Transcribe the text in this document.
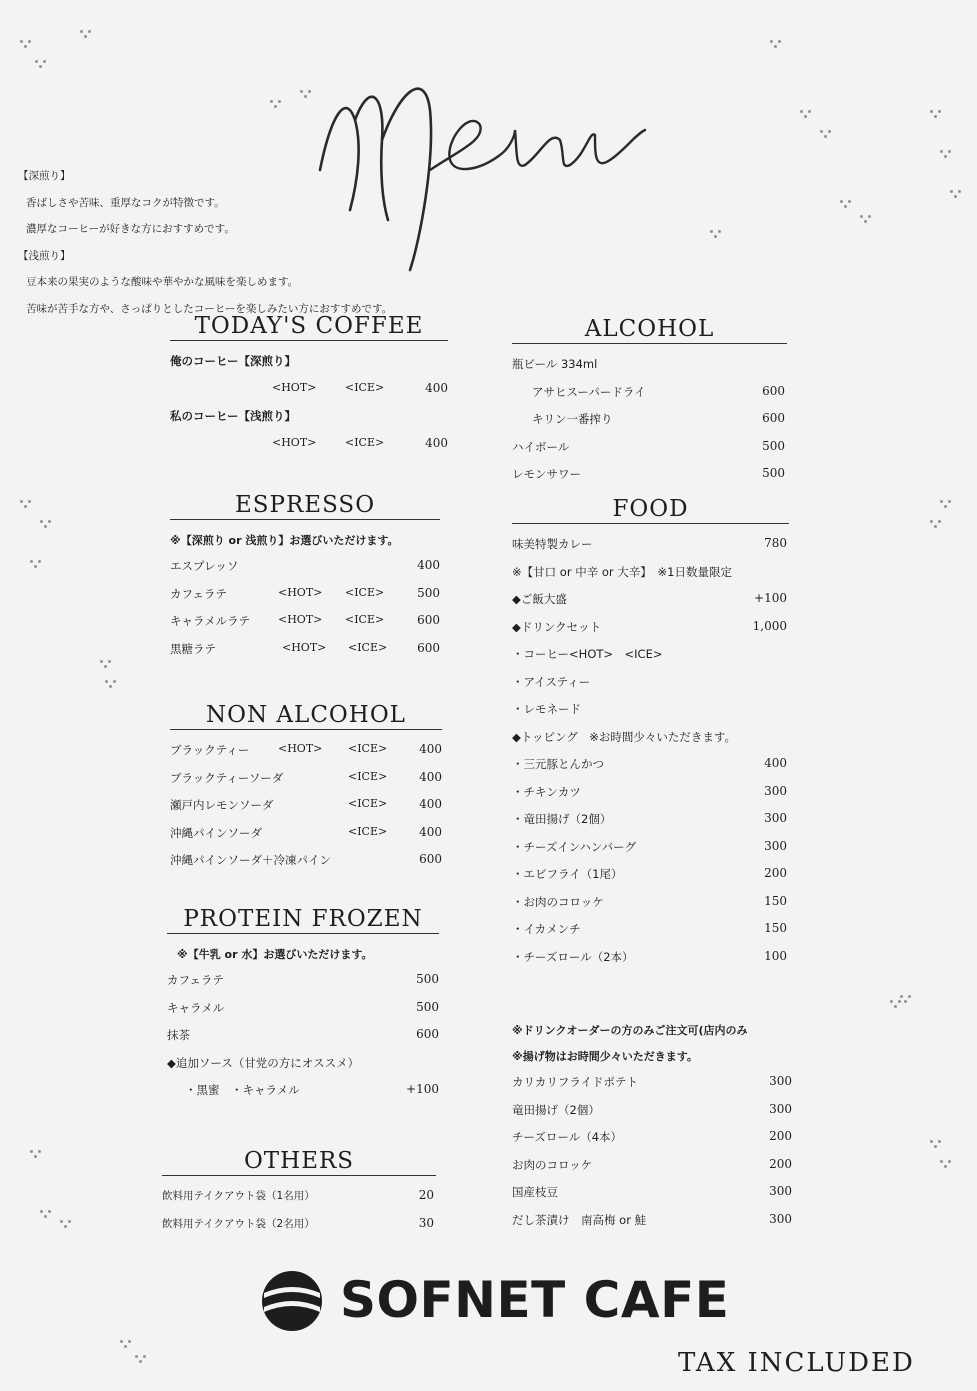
【深煎り】
香ばしさや苦味、重厚なコクが特徴です。
濃厚なコーヒーが好きな方におすすめです。
【浅煎り】
豆本来の果実のような酸味や華やかな風味を楽しめます。
苦味が苦手な方や、さっぱりとしたコーヒーを楽しみたい方におすすめです。
TODAY'S COFFEE
俺のコーヒー【深煎り】
<HOT>	<ICE>	400
私のコーヒー【浅煎り】
<HOT>	<ICE>	400
ESPRESSO
※【深煎り or 浅煎り】お選びいただけます。
エスプレッソ	400
カフェラテ	<HOT> <ICE>	500
キャラメルラテ	<HOT> <ICE>	600
黒糖ラテ	<HOT> <ICE> 600
NON ALCOHOL
ブラックティー	<HOT> <ICE>	400
ブラックティーソーダ	<ICE>	400
瀬戸内レモンソーダ	<ICE>	400
沖縄パインソーダ	<ICE>	400
沖縄パインソーダ＋冷凍パイン	600
PROTEIN FROZEN
※【牛乳 or 水】お選びいただけます。
カフェラテ	500
キャラメル	500
抹茶	600
◆追加ソース（甘党の方にオススメ）
・黒蜜　・キャラメル	+100
OTHERS
飲料用テイクアウト袋（1名用）	20
飲料用テイクアウト袋（2名用）	30
ALCOHOL
瓶ビール 334ml
アサヒスーパードライ	600
キリン一番搾り	600
ハイボール	500
レモンサワー	500
FOOD
味美特製カレー	780
※【甘口 or 中辛 or 大辛】　※1日数量限定
◆ご飯大盛	+100
◆ドリンクセット	1,000
・コーヒー<HOT>　<ICE>
・アイスティー
・レモネード
◆トッピング　※お時間少々いただきます。
・三元豚とんかつ	400
・チキンカツ	300
・竜田揚げ（2個）	300
・チーズインハンバーグ	300
・エビフライ（1尾）	200
・お肉のコロッケ	150
・イカメンチ	150
・チーズロール（2本）	100
※ドリンクオーダーの方のみご注文可(店内のみ
※揚げ物はお時間少々いただきます。
カリカリフライドポテト	300
竜田揚げ（2個）	300
チーズロール（4本）	200
お肉のコロッケ	200
国産枝豆	300
だし茶漬け　南高梅 or 鮭	300
SOFNET CAFE
TAX INCLUDED
